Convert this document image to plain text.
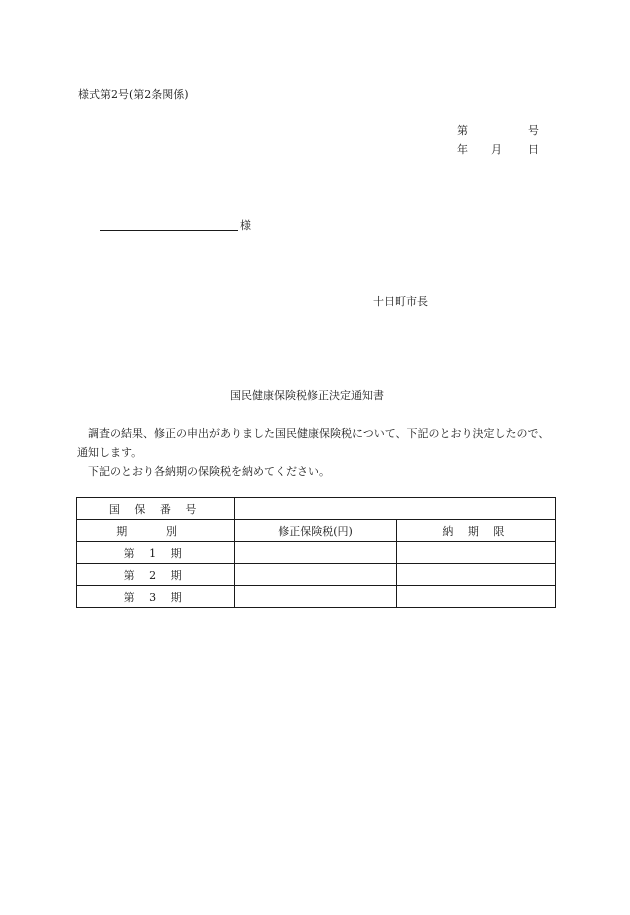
様式第2号(第2条関係)
第	号
年 月 日
様
十日町市長
国民健康保険税修正決定通知書

調査の結果、修正の申出がありました国民健康保険税について、下記のとおり決定したので、通知します。

下記のとおり各納期の保険税を納めてください。

国 保 番 号		
期 別	修正保険税(円)	納 期 限
第 1 期		
第 2 期		
第 3 期		
